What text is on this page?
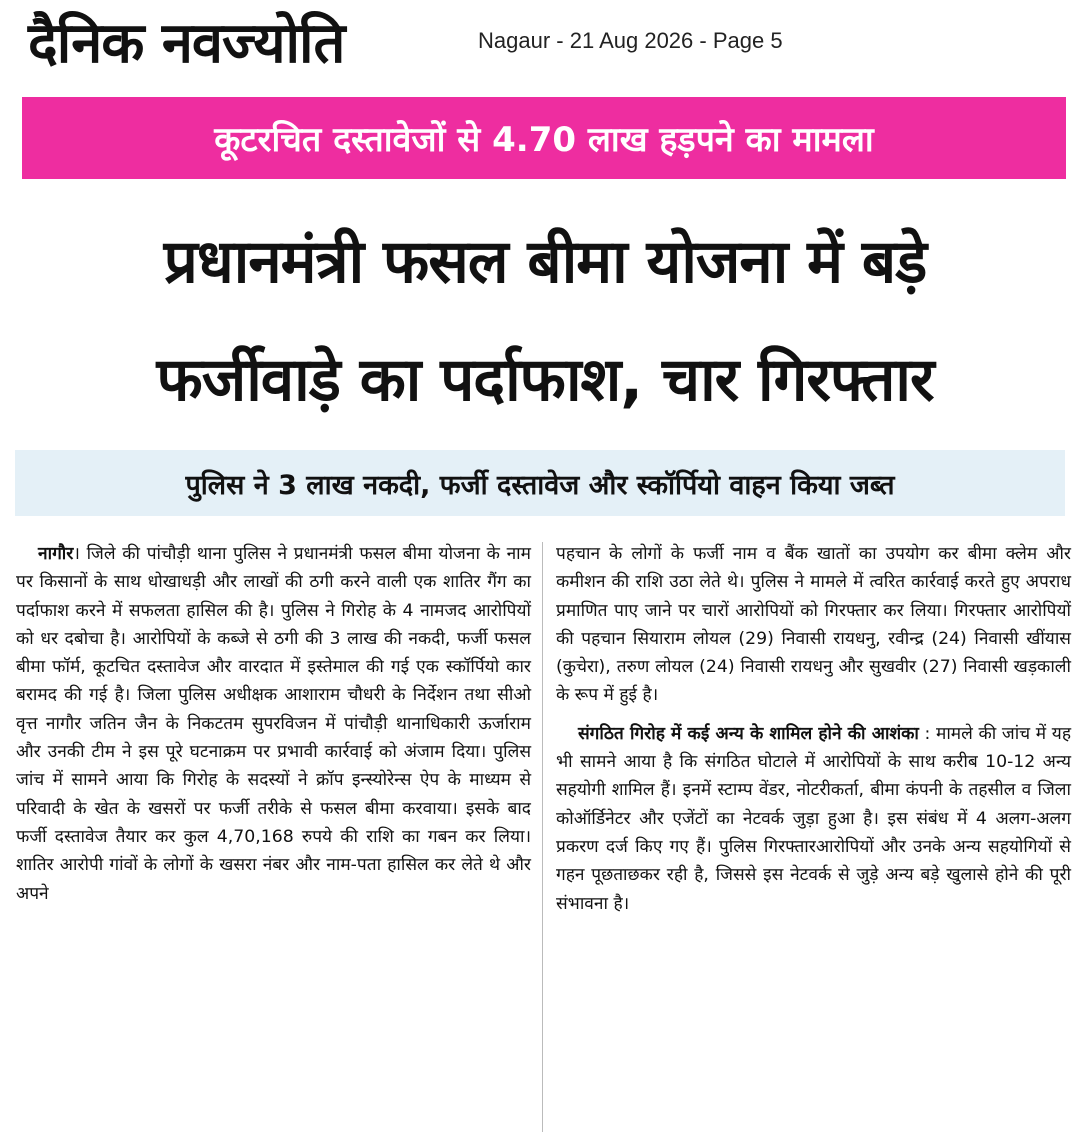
दैनिक नवज्योति	Nagaur - 21 Aug 2026 - Page 5
कूटरचित दस्तावेजों से 4.70 लाख हड़पने का मामला
प्रधानमंत्री फसल बीमा योजना में बड़े
फर्जीवाड़े का पर्दाफाश, चार गिरफ्तार
पुलिस ने 3 लाख नकदी, फर्जी दस्तावेज और स्कॉर्पियो वाहन किया जब्त

नागौर। जिले की पांचौड़ी थाना पुलिस ने प्रधानमंत्री फसल बीमा योजना के नाम पर किसानों के साथ धोखाधड़ी और लाखों की ठगी करने वाली एक शातिर गैंग का पर्दाफाश करने में सफलता हासिल की है। पुलिस ने गिरोह के 4 नामजद आरोपियों को धर दबोचा है। आरोपियों के कब्जे से ठगी की 3 लाख की नकदी, फर्जी फसल बीमा फॉर्म, कूटचित दस्तावेज और वारदात में इस्तेमाल की गई एक स्कॉर्पियो कार बरामद की गई है। जिला पुलिस अधीक्षक आशाराम चौधरी के निर्देशन तथा सीओ वृत्त नागौर जतिन जैन के निकटतम सुपरविजन में पांचौड़ी थानाधिकारी ऊर्जाराम और उनकी टीम ने इस पूरे घटनाक्रम पर प्रभावी कार्रवाई को अंजाम दिया। पुलिस जांच में सामने आया कि गिरोह के सदस्यों ने क्रॉप इन्स्योरेन्स ऐप के माध्यम से परिवादी के खेत के खसरों पर फर्जी तरीके से फसल बीमा करवाया। इसके बाद फर्जी दस्तावेज तैयार कर कुल 4,70,168 रुपये की राशि का गबन कर लिया। शातिर आरोपी गांवों के लोगों के खसरा नंबर और नाम-पता हासिल कर लेते थे और अपने

पहचान के लोगों के फर्जी नाम व बैंक खातों का उपयोग कर बीमा क्लेम और कमीशन की राशि उठा लेते थे। पुलिस ने मामले में त्वरित कार्रवाई करते हुए अपराध प्रमाणित पाए जाने पर चारों आरोपियों को गिरफ्तार कर लिया। गिरफ्तार आरोपियों की पहचान सियाराम लोयल (29) निवासी रायधनु, रवीन्द्र (24) निवासी खींयास (कुचेरा), तरुण लोयल (24) निवासी रायधनु और सुखवीर (27) निवासी खड़काली के रूप में हुई है।

संगठित गिरोह में कई अन्य के शामिल होने की आशंका : मामले की जांच में यह भी सामने आया है कि संगठित घोटाले में आरोपियों के साथ करीब 10-12 अन्य सहयोगी शामिल हैं। इनमें स्टाम्प वेंडर, नोटरीकर्ता, बीमा कंपनी के तहसील व जिला कोऑर्डिनेटर और एजेंटों का नेटवर्क जुड़ा हुआ है। इस संबंध में 4 अलग-अलग प्रकरण दर्ज किए गए हैं। पुलिस गिरफ्तारआरोपियों और उनके अन्य सहयोगियों से गहन पूछताछकर रही है, जिससे इस नेटवर्क से जुड़े अन्य बड़े खुलासे होने की पूरी संभावना है।
